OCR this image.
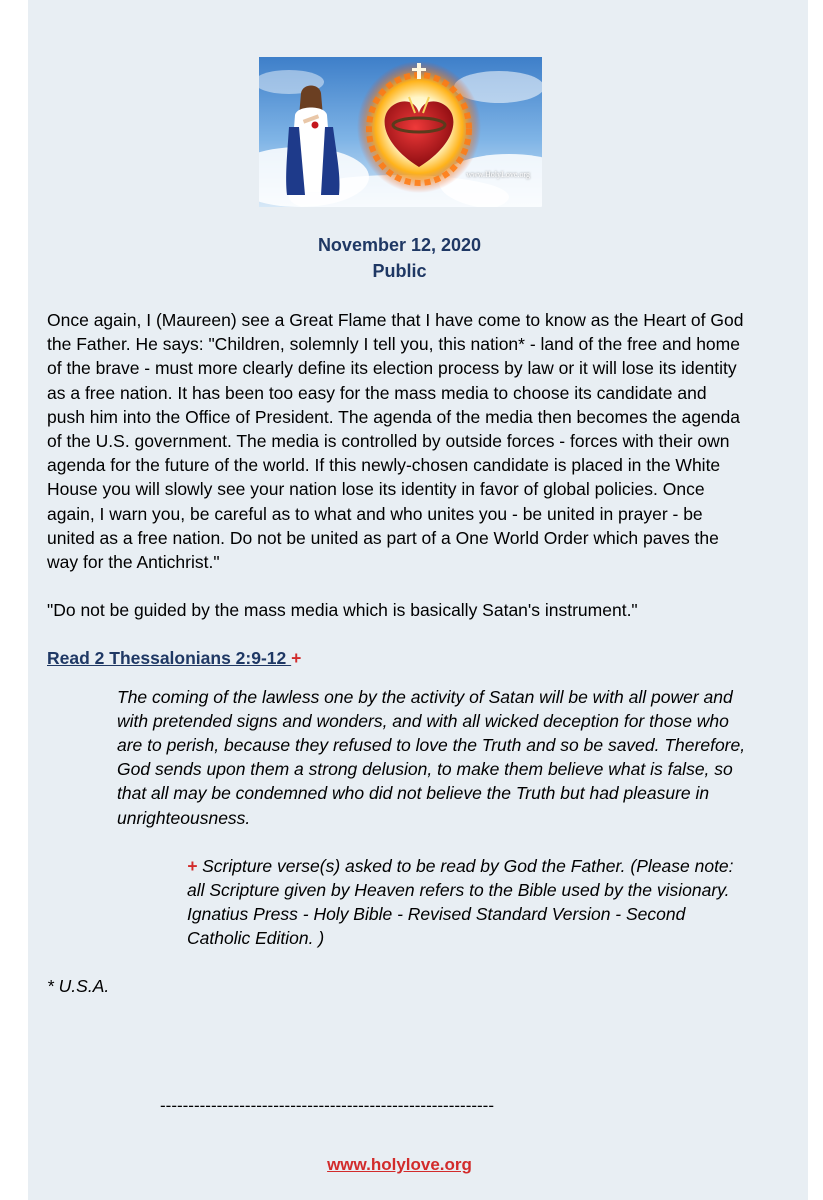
www.HolyLove.org
November 12, 2020
Public

Once again, I (Maureen) see a Great Flame that I have come to know as the Heart of God the Father. He says: "Children, solemnly I tell you, this nation* - land of the free and home of the brave - must more clearly define its election process by law or it will lose its identity as a free nation. It has been too easy for the mass media to choose its candidate and push him into the Office of President. The agenda of the media then becomes the agenda of the U.S. government. The media is controlled by outside forces - forces with their own agenda for the future of the world. If this newly-chosen candidate is placed in the White House you will slowly see your nation lose its identity in favor of global policies. Once again, I warn you, be careful as to what and who unites you - be united in prayer - be united as a free nation. Do not be united as part of a One World Order which paves the way for the Antichrist."

"Do not be guided by the mass media which is basically Satan's instrument."

Read 2 Thessalonians 2:9-12 +

The coming of the lawless one by the activity of Satan will be with all power and with pretended signs and wonders, and with all wicked deception for those who are to perish, because they refused to love the Truth and so be saved. Therefore, God sends upon them a strong delusion, to make them believe what is false, so that all may be condemned who did not believe the Truth but had pleasure in unrighteousness.

+ Scripture verse(s) asked to be read by God the Father. (Please note: all Scripture given by Heaven refers to the Bible used by the visionary. Ignatius Press - Holy Bible - Revised Standard Version - Second Catholic Edition. )

* U.S.A.

-----------------------------------------------------------
www.holylove.org
